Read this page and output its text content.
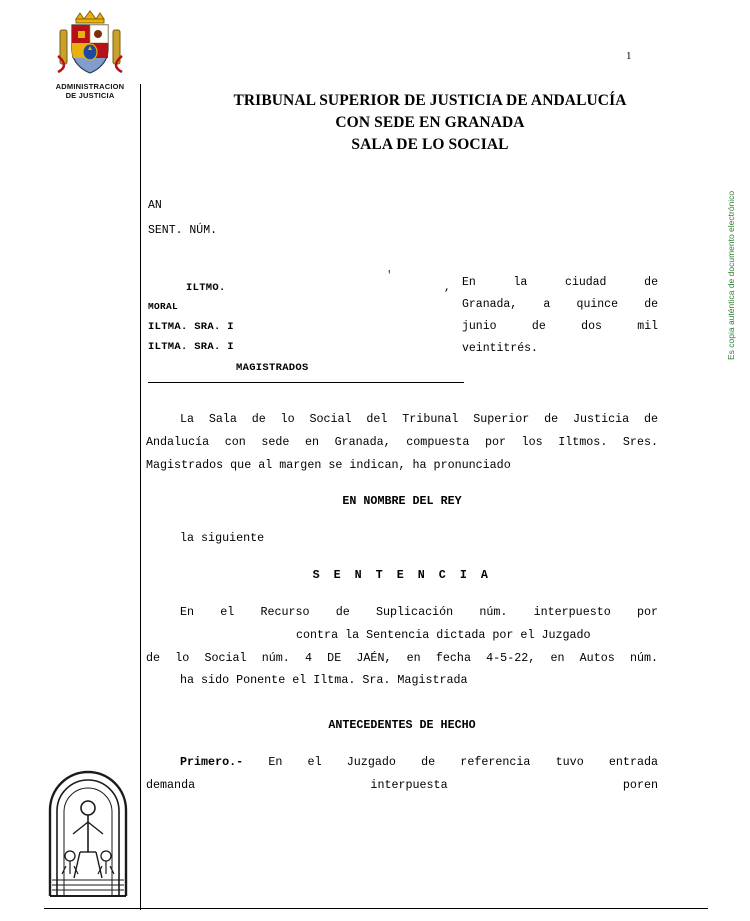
ADMINISTRACION
DE JUSTICIA
1
Es copia auténtica de documento electrónico
TRIBUNAL SUPERIOR DE JUSTICIA DE ANDALUCÍA
CON SEDE EN GRANADA
SALA DE LO SOCIAL
AN
SENT. NÚM.
ILTMO.
MORAL
ILTMA. SRA. I
ILTMA. SRA. I
MAGISTRADOS
'
, En la ciudad de
Granada, a quince de
junio de dos mil
veintitrés.

La Sala de lo Social del Tribunal Superior de Justicia de

Andalucía con sede en Granada, compuesta por los Iltmos. Sres.

Magistrados que al margen se indican, ha pronunciado

EN NOMBRE DEL REY

la siguiente

S E N T E N C I A

En el Recurso de Suplicación núm. interpuesto por

contra la Sentencia dictada por el Juzgado

de lo Social núm. 4 DE JAÉN, en fecha 4-5-22, en Autos núm.

ha sido Ponente el Iltma. Sra. Magistrada

ANTECEDENTES DE HECHO

Primero.- En el Juzgado de referencia tuvo entrada

demanda interpuesta por en
